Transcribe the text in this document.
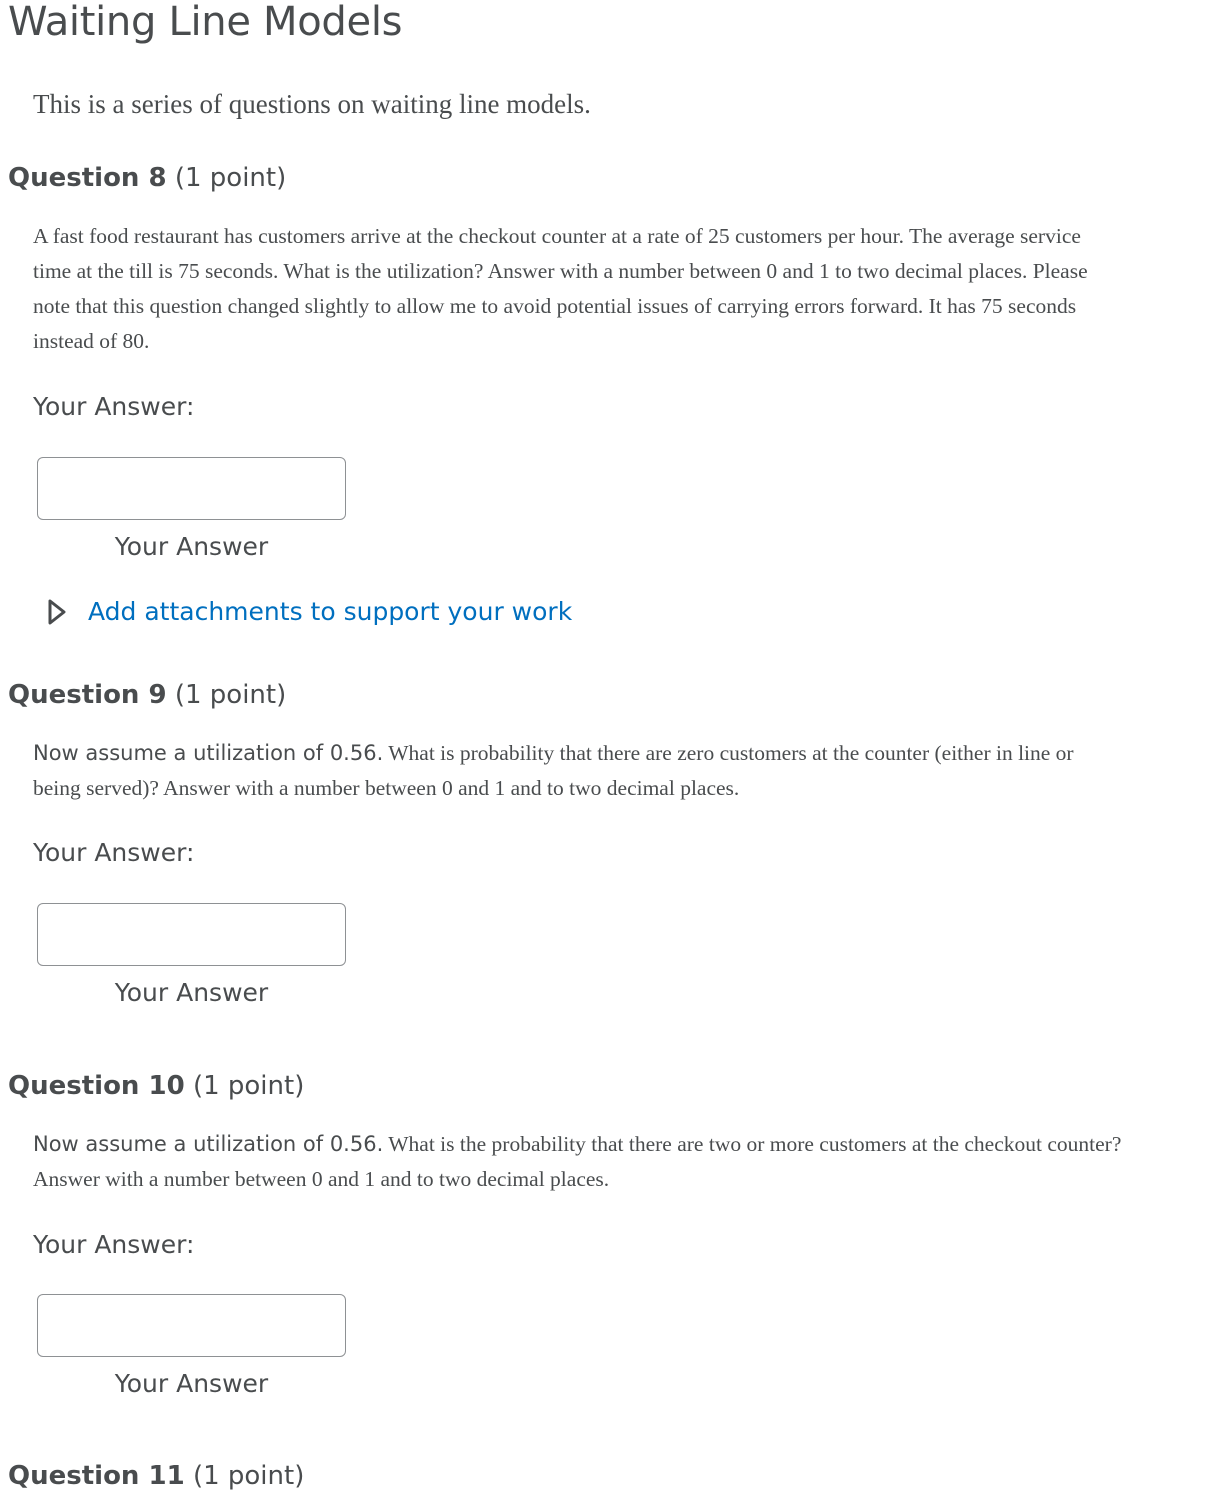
Waiting Line Models

This is a series of questions on waiting line models.

Question 8 (1 point)

A fast food restaurant has customers arrive at the checkout counter at a rate of 25 customers per hour. The average service time at the till is 75 seconds. What is the utilization? Answer with a number between 0 and 1 to two decimal places. Please note that this question changed slightly to allow me to avoid potential issues of carrying errors forward. It has 75 seconds instead of 80.

Your Answer:

Your Answer

Add attachments to support your work
Question 9 (1 point)

Now assume a utilization of 0.56. What is probability that there are zero customers at the counter (either in line or being served)? Answer with a number between 0 and 1 and to two decimal places.

Your Answer:

Your Answer

Question 10 (1 point)

Now assume a utilization of 0.56. What is the probability that there are two or more customers at the checkout counter? Answer with a number between 0 and 1 and to two decimal places.

Your Answer:

Your Answer

Question 11 (1 point)
